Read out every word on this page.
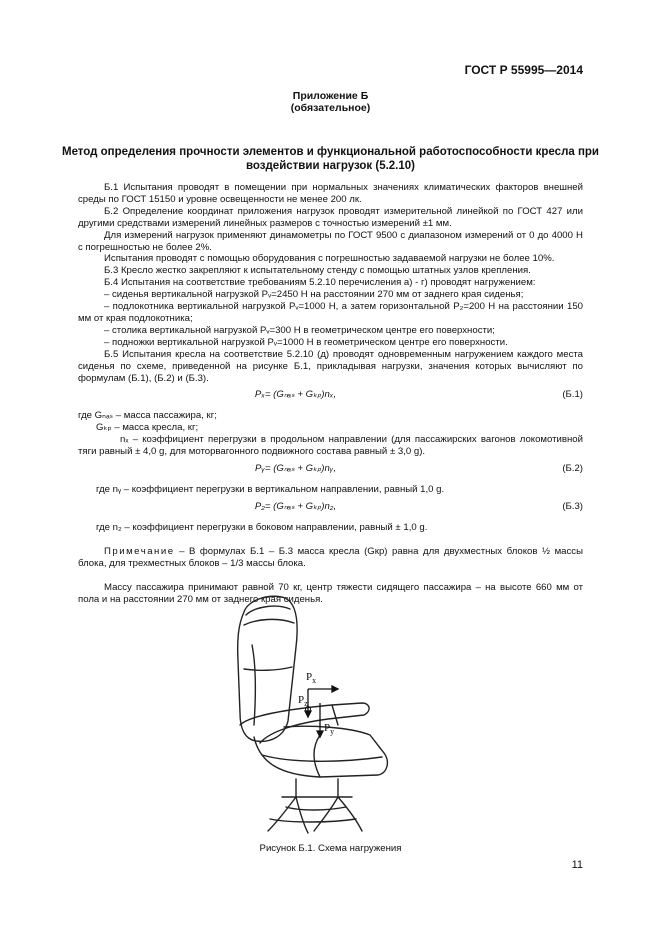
ГОСТ Р 55995—2014
Приложение Б
(обязательное)
Метод определения прочности элементов и функциональной работоспособности кресла при воздействии нагрузок (5.2.10)

Б.1 Испытания проводят в помещении при нормальных значениях климатических факторов внешней среды по ГОСТ 15150 и уровне освещенности не менее 200 лк.

Б.2 Определение координат приложения нагрузок проводят измерительной линейкой по ГОСТ 427 или другими средствами измерений линейных размеров с точностью измерений ±1 мм.

Для измерений нагрузок применяют динамометры по ГОСТ 9500 с диапазоном измерений от 0 до 4000 Н с погрешностью не более 2%.

Испытания проводят с помощью оборудования с погрешностью задаваемой нагрузки не более 10%.

Б.3 Кресло жестко закрепляют к испытательному стенду с помощью штатных узлов крепления.

Б.4 Испытания на соответствие требованиям 5.2.10 перечисления а) - г) проводят нагружением:

– сиденья вертикальной нагрузкой Pᵥ=2450 Н на расстоянии 270 мм от заднего края сиденья;

– подлокотника вертикальной нагрузкой Pᵥ=1000 Н, а затем горизонтальной P₂=200 Н на расстоянии 150 мм от края подлокотника;

– столика вертикальной нагрузкой Pᵥ=300 Н в геометрическом центре его поверхности;

– подножки вертикальной нагрузкой Pᵥ=1000 Н в геометрическом центре его поверхности.

Б.5 Испытания кресла на соответствие 5.2.10 (д) проводят одновременным нагружением каждого места сиденья по схеме, приведенной на рисунке Б.1, прикладывая нагрузки, значения которых вычисляют по формулам (Б.1), (Б.2) и (Б.3).

Pₓ= (Gₙₐₛ + Gₖₚ)nₓ,	(Б.1)

где Gₙₐₛ – масса пассажира, кг;

Gₖₚ – масса кресла, кг;

nₓ – коэффициент перегрузки в продольном направлении (для пассажирских вагонов локомотивной тяги равный ± 4,0 g, для моторвагонного подвижного состава равный ± 3,0 g).

Pᵧ= (Gₙₐₛ + Gₖₚ)nᵧ,	(Б.2)

где nᵧ – коэффициент перегрузки в вертикальном направлении, равный 1,0 g.

P₂= (Gₙₐₛ + Gₖₚ)n₂,	(Б.3)

где n₂ – коэффициент перегрузки в боковом направлении, равный ± 1,0 g.

Примечание – В формулах Б.1 – Б.3 масса кресла (Gкр) равна для двухместных блоков ½ массы блока, для трехместных блоков – 1/3 массы блока.

Массу пассажира принимают равной 70 кг, центр тяжести сидящего пассажира – на высоте 660 мм от пола и на расстоянии 270 мм от заднего края сиденья.

$P_x$
$P_z$
$P_y$
Рисунок Б.1. Схема нагружения
11
